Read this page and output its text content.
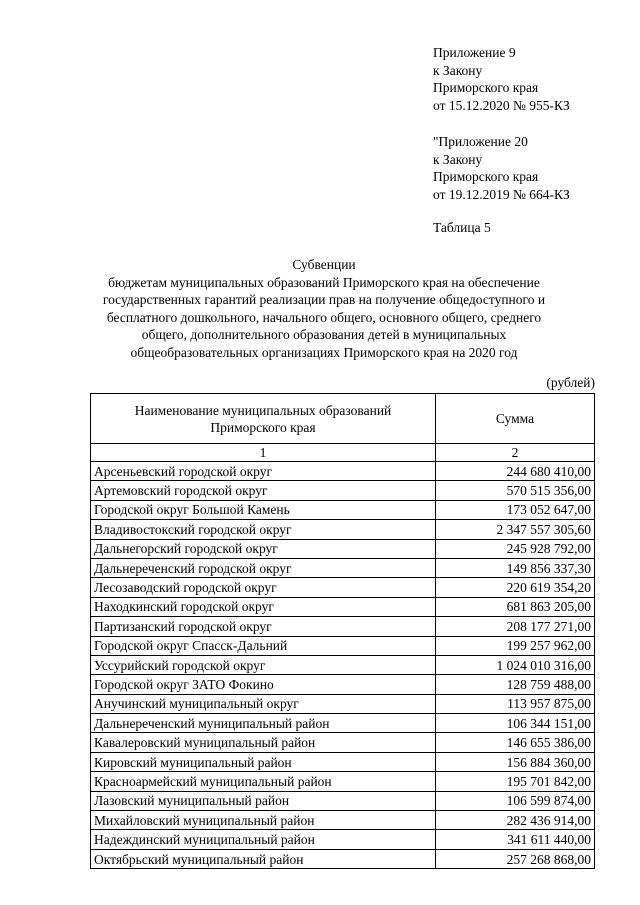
Приложение 9
к Закону
Приморского края
от 15.12.2020 № 955-КЗ
"Приложение 20
к Закону
Приморского края
от 19.12.2019 № 664-КЗ
Таблица 5
Субвенции
бюджетам муниципальных образований Приморского края на обеспечение
государственных гарантий реализации прав на получение общедоступного и
бесплатного дошкольного, начального общего, основного общего, среднего
общего, дополнительного образования детей в муниципальных
общеобразовательных организациях Приморского края на 2020 год
(рублей)
Наименование муниципальных образований
Приморского края	Сумма
1	2
Арсеньевский городской округ	244 680 410,00
Артемовский городской округ	570 515 356,00
Городской округ Большой Камень	173 052 647,00
Владивостокский городской округ	2 347 557 305,60
Дальнегорский городской округ	245 928 792,00
Дальнереченский городской округ	149 856 337,30
Лесозаводский городской округ	220 619 354,20
Находкинский городской округ	681 863 205,00
Партизанский городской округ	208 177 271,00
Городской округ Спасск-Дальний	199 257 962,00
Уссурийский городской округ	1 024 010 316,00
Городской округ ЗАТО Фокино	128 759 488,00
Анучинский муниципальный округ	113 957 875,00
Дальнереченский муниципальный район	106 344 151,00
Кавалеровский муниципальный район	146 655 386,00
Кировский муниципальный район	156 884 360,00
Красноармейский муниципальный район	195 701 842,00
Лазовский муниципальный район	106 599 874,00
Михайловский муниципальный район	282 436 914,00
Надеждинский муниципальный район	341 611 440,00
Октябрьский муниципальный район	257 268 868,00
